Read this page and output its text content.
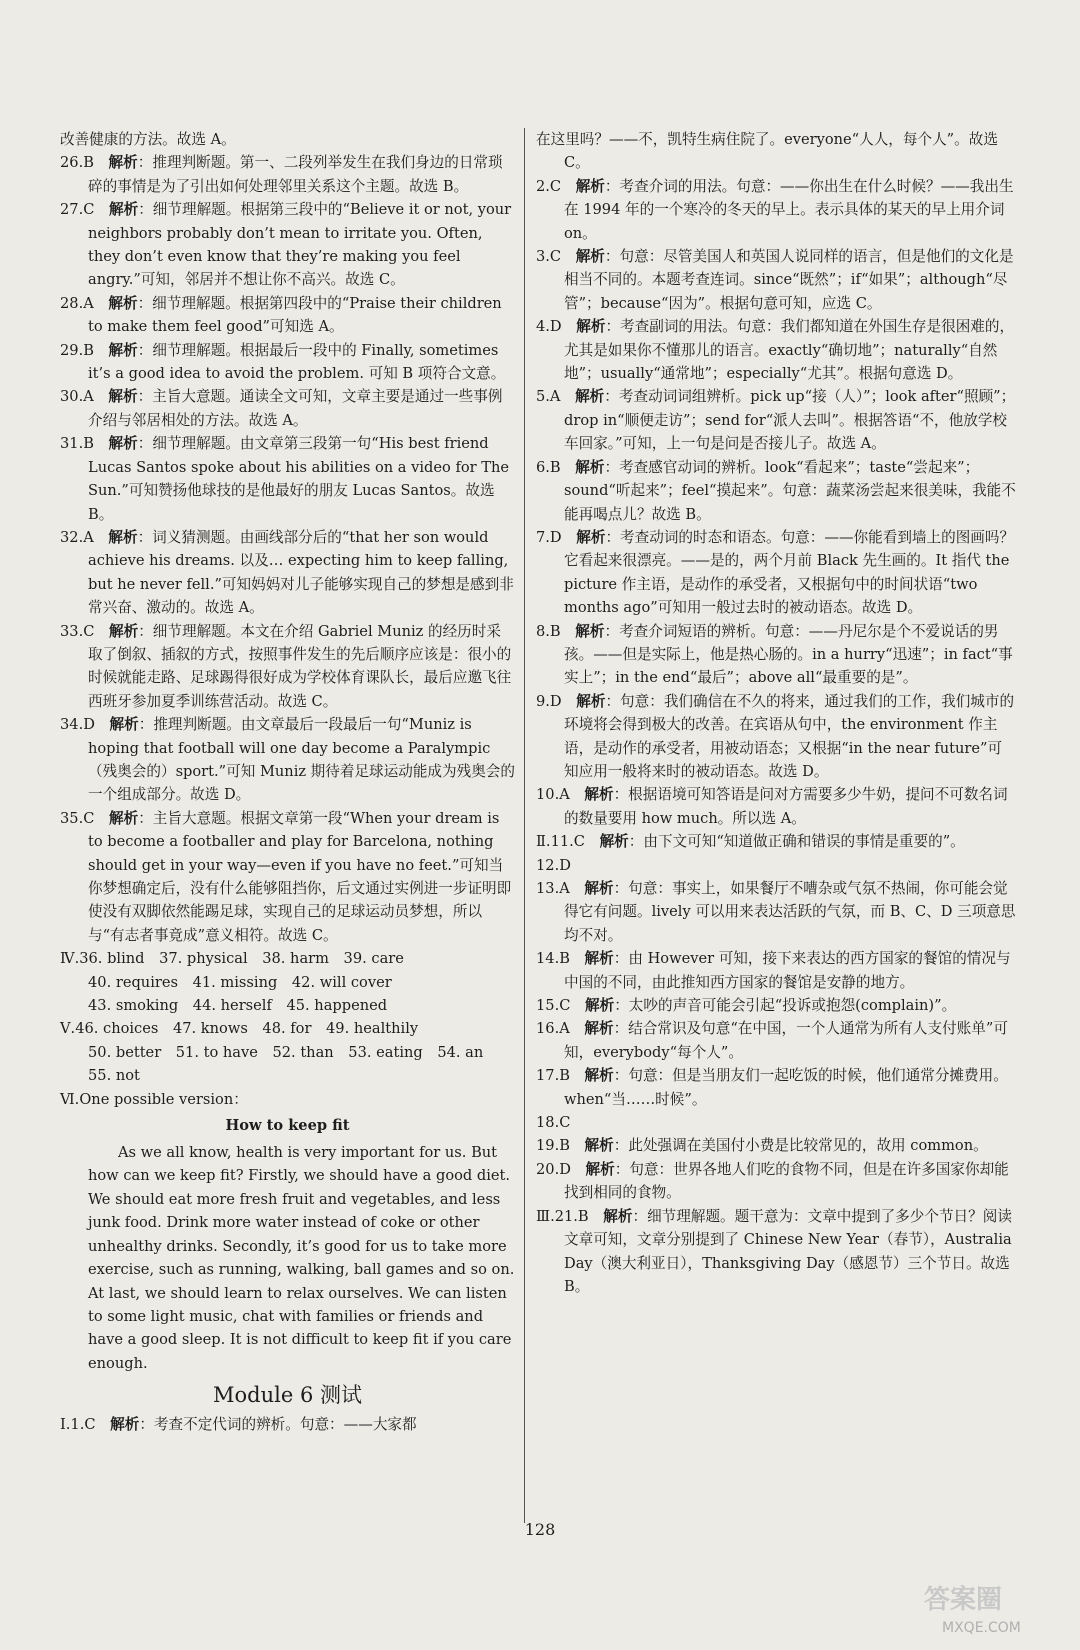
改善健康的方法。故选 A。

26.B　 解析：推理判断题。第一、二段列举发生在我们身边的日常琐碎的事情是为了引出如何处理邻里关系这个主题。故选 B。

27.C　 解析：细节理解题。根据第三段中的“Believe it or not, your neighbors probably don’t mean to irritate you. Often, they don’t even know that they’re making you feel angry.”可知，邻居并不想让你不高兴。故选 C。

28.A　 解析：细节理解题。根据第四段中的“Praise their children to make them feel good”可知选 A。

29.B　 解析：细节理解题。根据最后一段中的 Finally, sometimes it’s a good idea to avoid the problem. 可知 B 项符合文意。

30.A　 解析：主旨大意题。通读全文可知，文章主要是通过一些事例介绍与邻居相处的方法。故选 A。

31.B　 解析：细节理解题。由文章第三段第一句“His best friend Lucas Santos spoke about his abilities on a video for The Sun.”可知赞扬他球技的是他最好的朋友 Lucas Santos。故选 B。

32.A　 解析：词义猜测题。由画线部分后的“that her son would achieve his dreams. 以及… expecting him to keep falling, but he never fell.”可知妈妈对儿子能够实现自己的梦想是感到非常兴奋、激动的。故选 A。

33.C　 解析：细节理解题。本文在介绍 Gabriel Muniz 的经历时采取了倒叙、插叙的方式，按照事件发生的先后顺序应该是：很小的时候就能走路、足球踢得很好成为学校体育课队长，最后应邀飞往西班牙参加夏季训练营活动。故选 C。

34.D　 解析：推理判断题。由文章最后一段最后一句“Muniz is hoping that football will one day become a Paralympic（残奥会的）sport.”可知 Muniz 期待着足球运动能成为残奥会的一个组成部分。故选 D。

35.C　 解析：主旨大意题。根据文章第一段“When your dream is to become a footballer and play for Barcelona, nothing should get in your way—even if you have no feet.”可知当你梦想确定后，没有什么能够阻挡你，后文通过实例进一步证明即使没有双脚依然能踢足球，实现自己的足球运动员梦想，所以与“有志者事竟成”意义相符。故选 C。

Ⅳ.36. blind　37. physical　38. harm　39. care
40. requires　41. missing　42. will cover
43. smoking　44. herself　45. happened
Ⅴ.46. choices　47. knows　48. for　49. healthily
50. better　51. to have　52. than　53. eating　54. an
55. not
Ⅵ.One possible version：
How to keep fit

As we all know, health is very important for us. But how can we keep fit? Firstly, we should have a good diet. We should eat more fresh fruit and vegetables, and less junk food. Drink more water instead of coke or other unhealthy drinks. Secondly, it’s good for us to take more exercise, such as running, walking, ball games and so on. At last, we should learn to relax ourselves. We can listen to some light music, chat with families or friends and have a good sleep. It is not difficult to keep fit if you care enough.

Module 6 测试

Ⅰ.1.C　 解析：考查不定代词的辨析。句意：——大家都

在这里吗？——不，凯特生病住院了。everyone“人人，每个人”。故选 C。

2.C　 解析：考查介词的用法。句意：——你出生在什么时候？——我出生在 1994 年的一个寒冷的冬天的早上。表示具体的某天的早上用介词 on。

3.C　 解析：句意：尽管美国人和英国人说同样的语言，但是他们的文化是相当不同的。本题考查连词。since“既然”；if“如果”；although“尽管”；because“因为”。根据句意可知，应选 C。

4.D　 解析：考查副词的用法。句意：我们都知道在外国生存是很困难的，尤其是如果你不懂那儿的语言。exactly“确切地”；naturally“自然地”；usually“通常地”；especially“尤其”。根据句意选 D。

5.A　 解析：考查动词词组辨析。pick up“接（人）”；look after“照顾”；drop in“顺便走访”；send for“派人去叫”。根据答语“不，他放学校车回家。”可知，上一句是问是否接儿子。故选 A。

6.B　 解析：考查感官动词的辨析。look“看起来”；taste“尝起来”；sound“听起来”；feel“摸起来”。句意：蔬菜汤尝起来很美味，我能不能再喝点儿？故选 B。

7.D　 解析：考查动词的时态和语态。句意：——你能看到墙上的图画吗？它看起来很漂亮。——是的，两个月前 Black 先生画的。It 指代 the picture 作主语，是动作的承受者，又根据句中的时间状语“two months ago”可知用一般过去时的被动语态。故选 D。

8.B　 解析：考查介词短语的辨析。句意：——丹尼尔是个不爱说话的男孩。——但是实际上，他是热心肠的。in a hurry“迅速”；in fact“事实上”；in the end“最后”；above all“最重要的是”。

9.D　 解析：句意：我们确信在不久的将来，通过我们的工作，我们城市的环境将会得到极大的改善。在宾语从句中，the environment 作主语，是动作的承受者，用被动语态；又根据“in the near future”可知应用一般将来时的被动语态。故选 D。

10.A　 解析：根据语境可知答语是问对方需要多少牛奶，提问不可数名词的数量要用 how much。所以选 A。

Ⅱ.11.C　 解析：由下文可知“知道做正确和错误的事情是重要的”。

12.D

13.A　 解析：句意：事实上，如果餐厅不嘈杂或气氛不热闹，你可能会觉得它有问题。lively 可以用来表达活跃的气氛，而 B、C、D 三项意思均不对。

14.B　 解析：由 However 可知，接下来表达的西方国家的餐馆的情况与中国的不同，由此推知西方国家的餐馆是安静的地方。

15.C　 解析：太吵的声音可能会引起“投诉或抱怨(complain)”。

16.A　 解析：结合常识及句意“在中国，一个人通常为所有人支付账单”可知，everybody“每个人”。

17.B　 解析：句意：但是当朋友们一起吃饭的时候，他们通常分摊费用。when“当……时候”。

18.C

19.B　 解析：此处强调在美国付小费是比较常见的，故用 common。

20.D　 解析：句意：世界各地人们吃的食物不同，但是在许多国家你却能找到相同的食物。

Ⅲ.21.B　 解析：细节理解题。题干意为：文章中提到了多少个节日？阅读文章可知，文章分别提到了 Chinese New Year（春节），Australia Day（澳大利亚日），Thanksgiving Day（感恩节）三个节日。故选 B。

128
答案圈
MXQE.COM
